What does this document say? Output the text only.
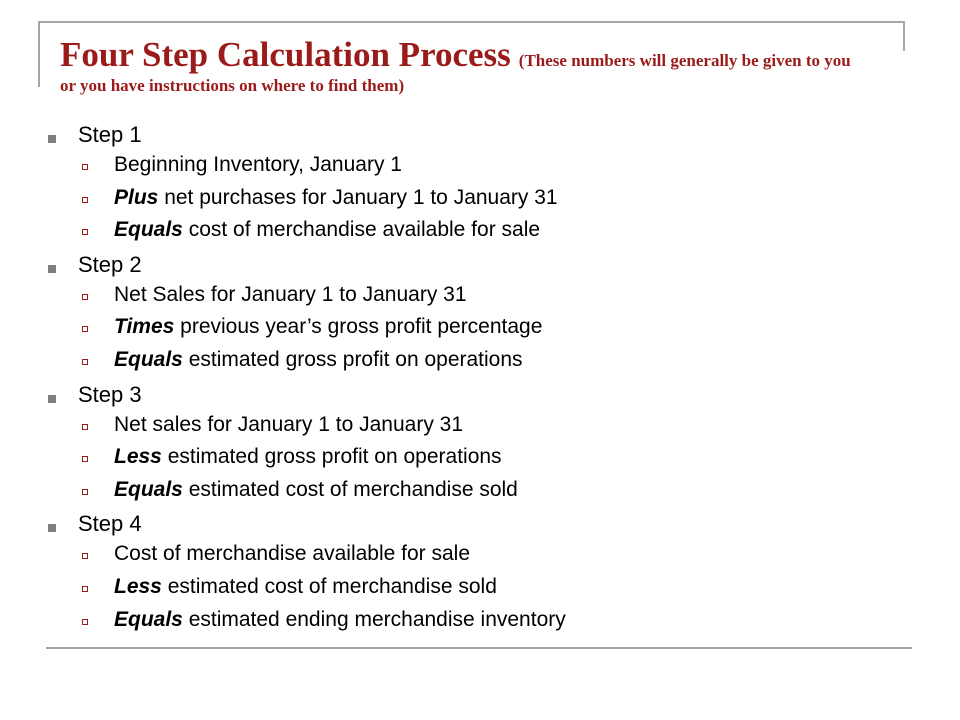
Four Step Calculation Process (These numbers will generally be given to you
or you have instructions on where to find them)
Step 1
Beginning Inventory, January 1
Plus net purchases for January 1 to January 31
Equals cost of merchandise available for sale
Step 2
Net Sales for January 1 to January 31
Times previous year’s gross profit percentage
Equals estimated gross profit on operations
Step 3
Net sales for January 1 to January 31
Less estimated gross profit on operations
Equals estimated cost of merchandise sold
Step 4
Cost of merchandise available for sale
Less estimated cost of merchandise sold
Equals estimated ending merchandise inventory
